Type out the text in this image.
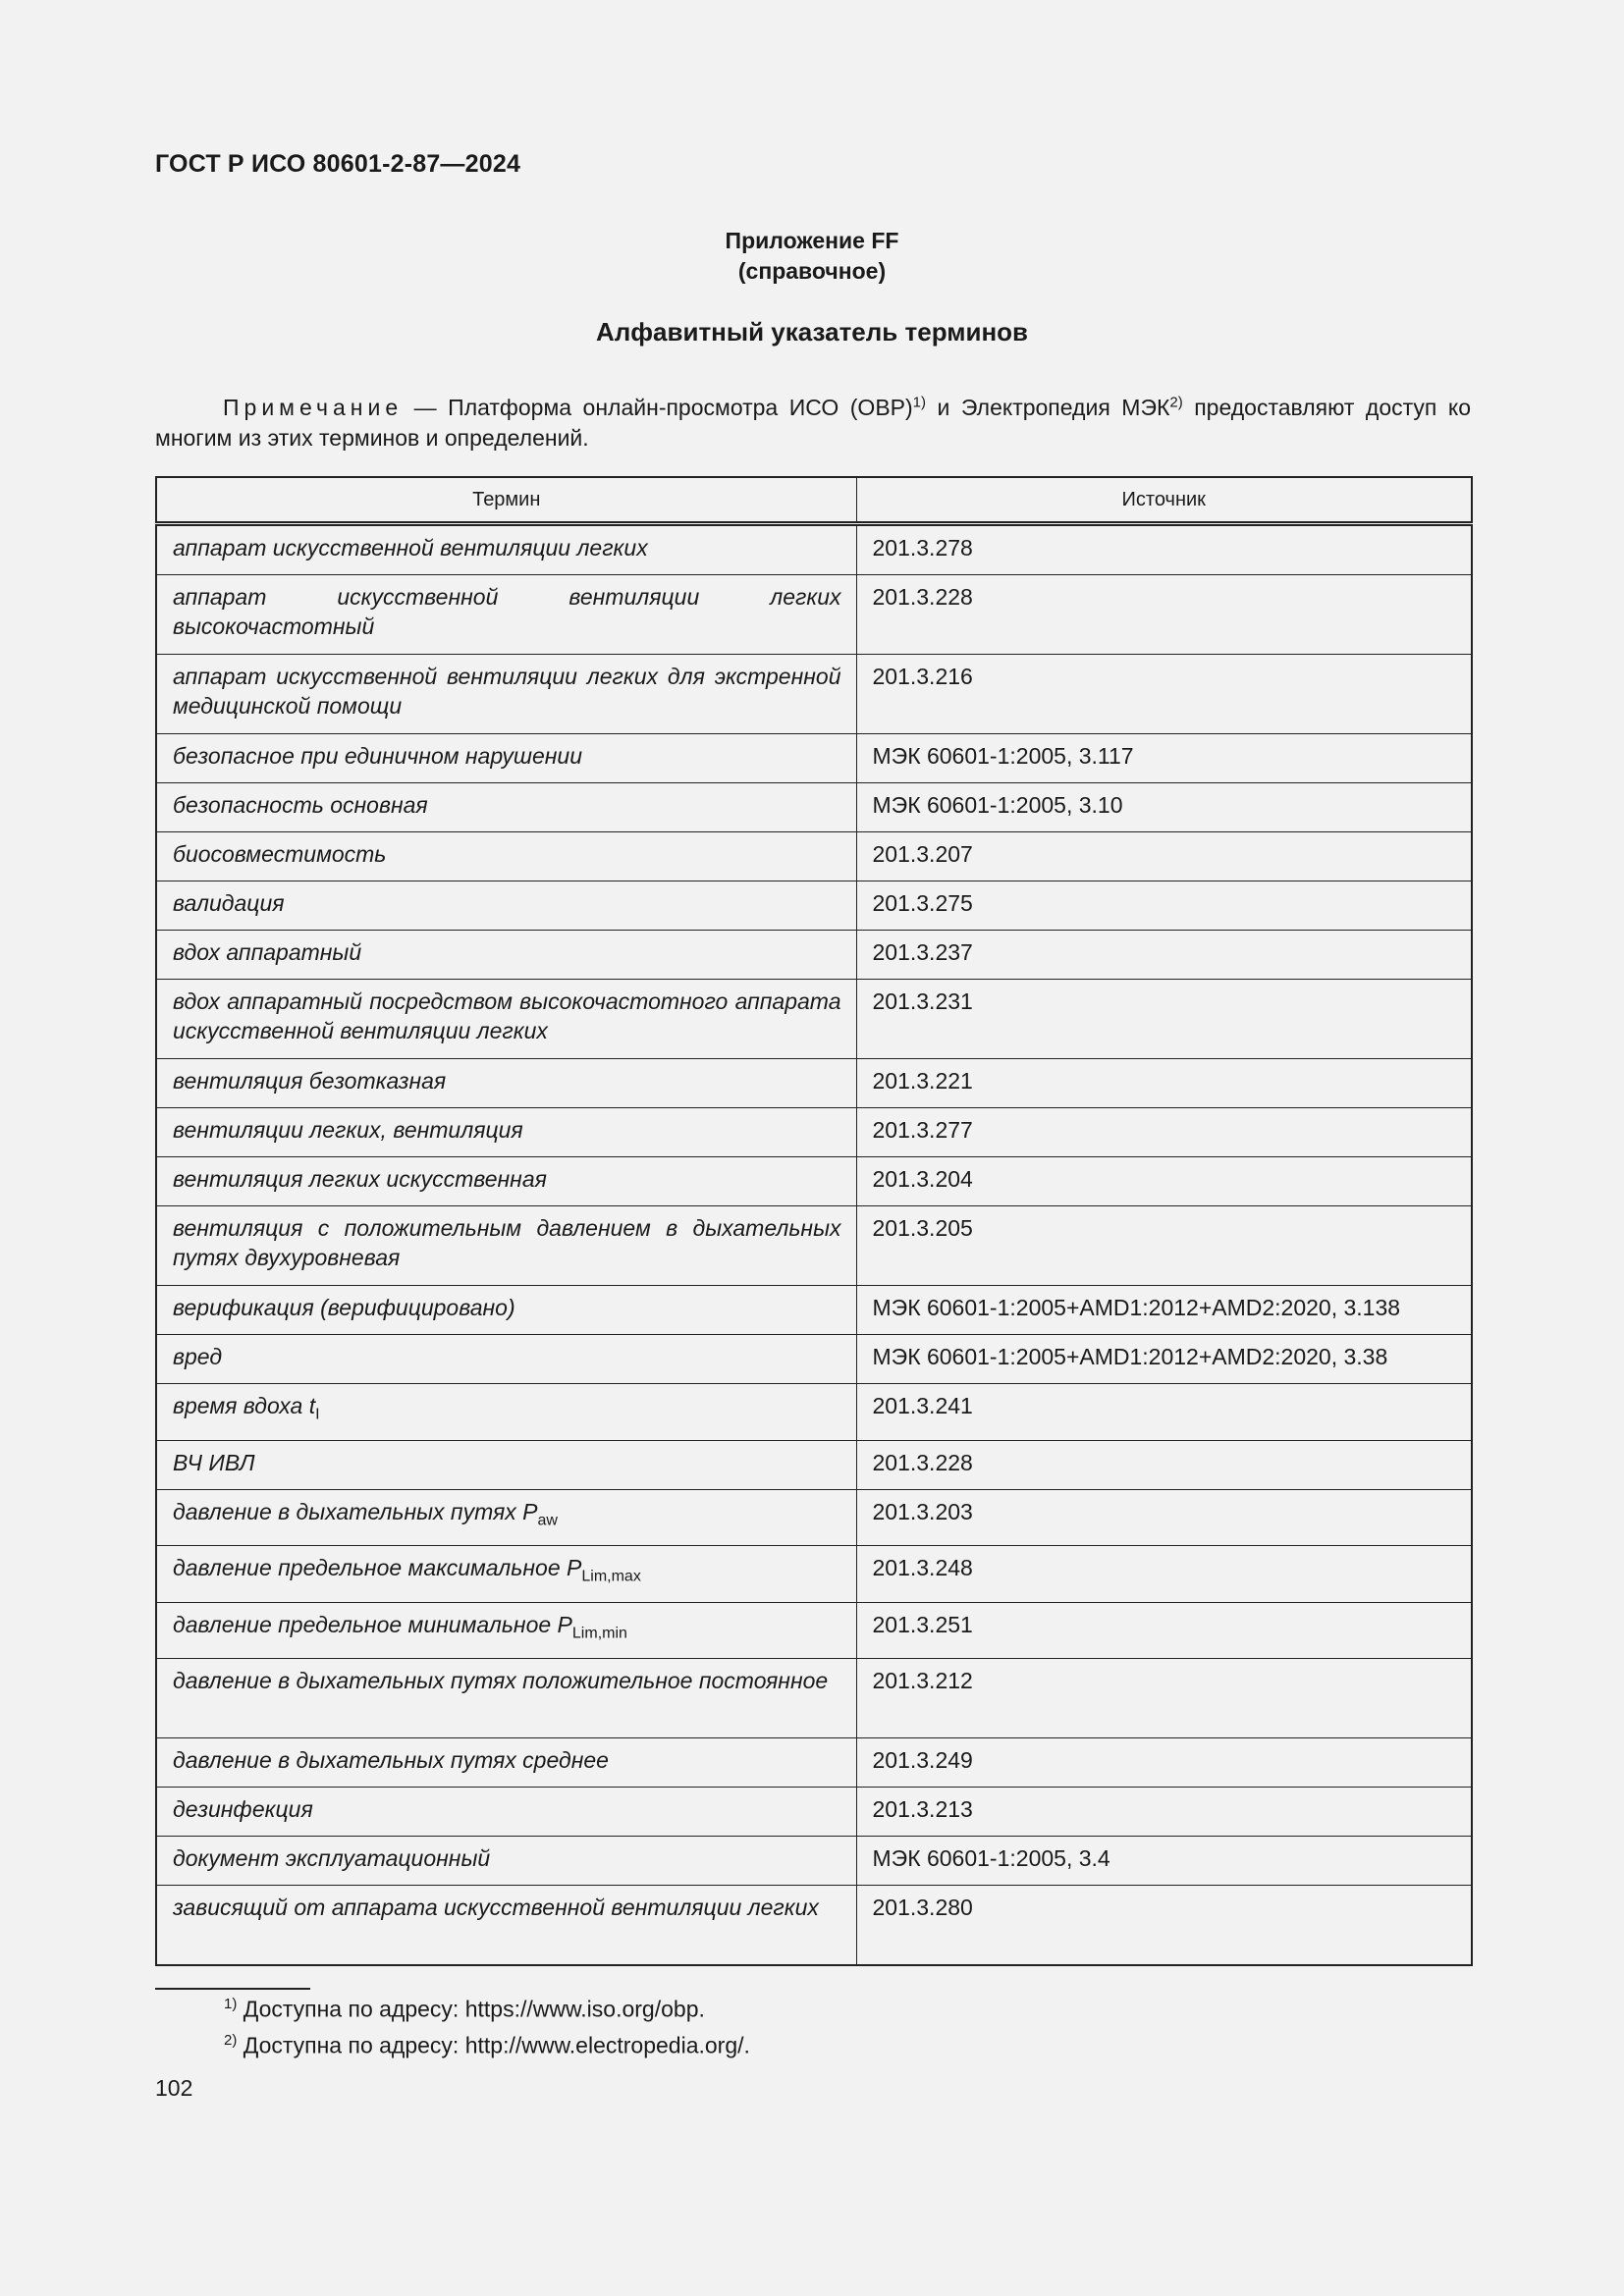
ГОСТ Р ИСО 80601-2-87—2024
Приложение FF
(справочное)
Алфавитный указатель терминов
Примечание — Платформа онлайн-просмотра ИСО (OBP)$^{1)}$ и Электропедия МЭК$^{2)}$ предоставляют доступ ко многим из этих терминов и определений.
Термин	Источник
аппарат искусственной вентиляции легких	201.3.278
аппарат искусственной вентиляции легких высокочастотный	201.3.228
аппарат искусственной вентиляции легких для экстренной медицинской помощи	201.3.216
безопасное при единичном нарушении	МЭК 60601-1:2005, 3.117
безопасность основная	МЭК 60601-1:2005, 3.10
биосовместимость	201.3.207
валидация	201.3.275
вдох аппаратный	201.3.237
вдох аппаратный посредством высокочастотного аппарата искусственной вентиляции легких	201.3.231
вентиляция безотказная	201.3.221
вентиляции легких, вентиляция	201.3.277
вентиляция легких искусственная	201.3.204
вентиляция с положительным давлением в дыхательных путях двухуровневая	201.3.205
верификация (верифицировано)	МЭК 60601-1:2005+AMD1:2012+AMD2:2020, 3.138
вред	МЭК 60601-1:2005+AMD1:2012+AMD2:2020, 3.38
время вдоха $t_I$	201.3.241
ВЧ ИВЛ	201.3.228
давление в дыхательных путях $P_{aw}$	201.3.203
давление предельное максимальное $P_{Lim,max}$	201.3.248
давление предельное минимальное $P_{Lim,min}$	201.3.251
давление в дыхательных путях положительное постоянное	201.3.212
давление в дыхательных путях среднее	201.3.249
дезинфекция	201.3.213
документ эксплуатационный	МЭК 60601-1:2005, 3.4
зависящий от аппарата искусственной вентиляции легких	201.3.280
$^{1)}$ Доступна по адресу: https://www.iso.org/obp.
$^{2)}$ Доступна по адресу: http://www.electropedia.org/.
102
